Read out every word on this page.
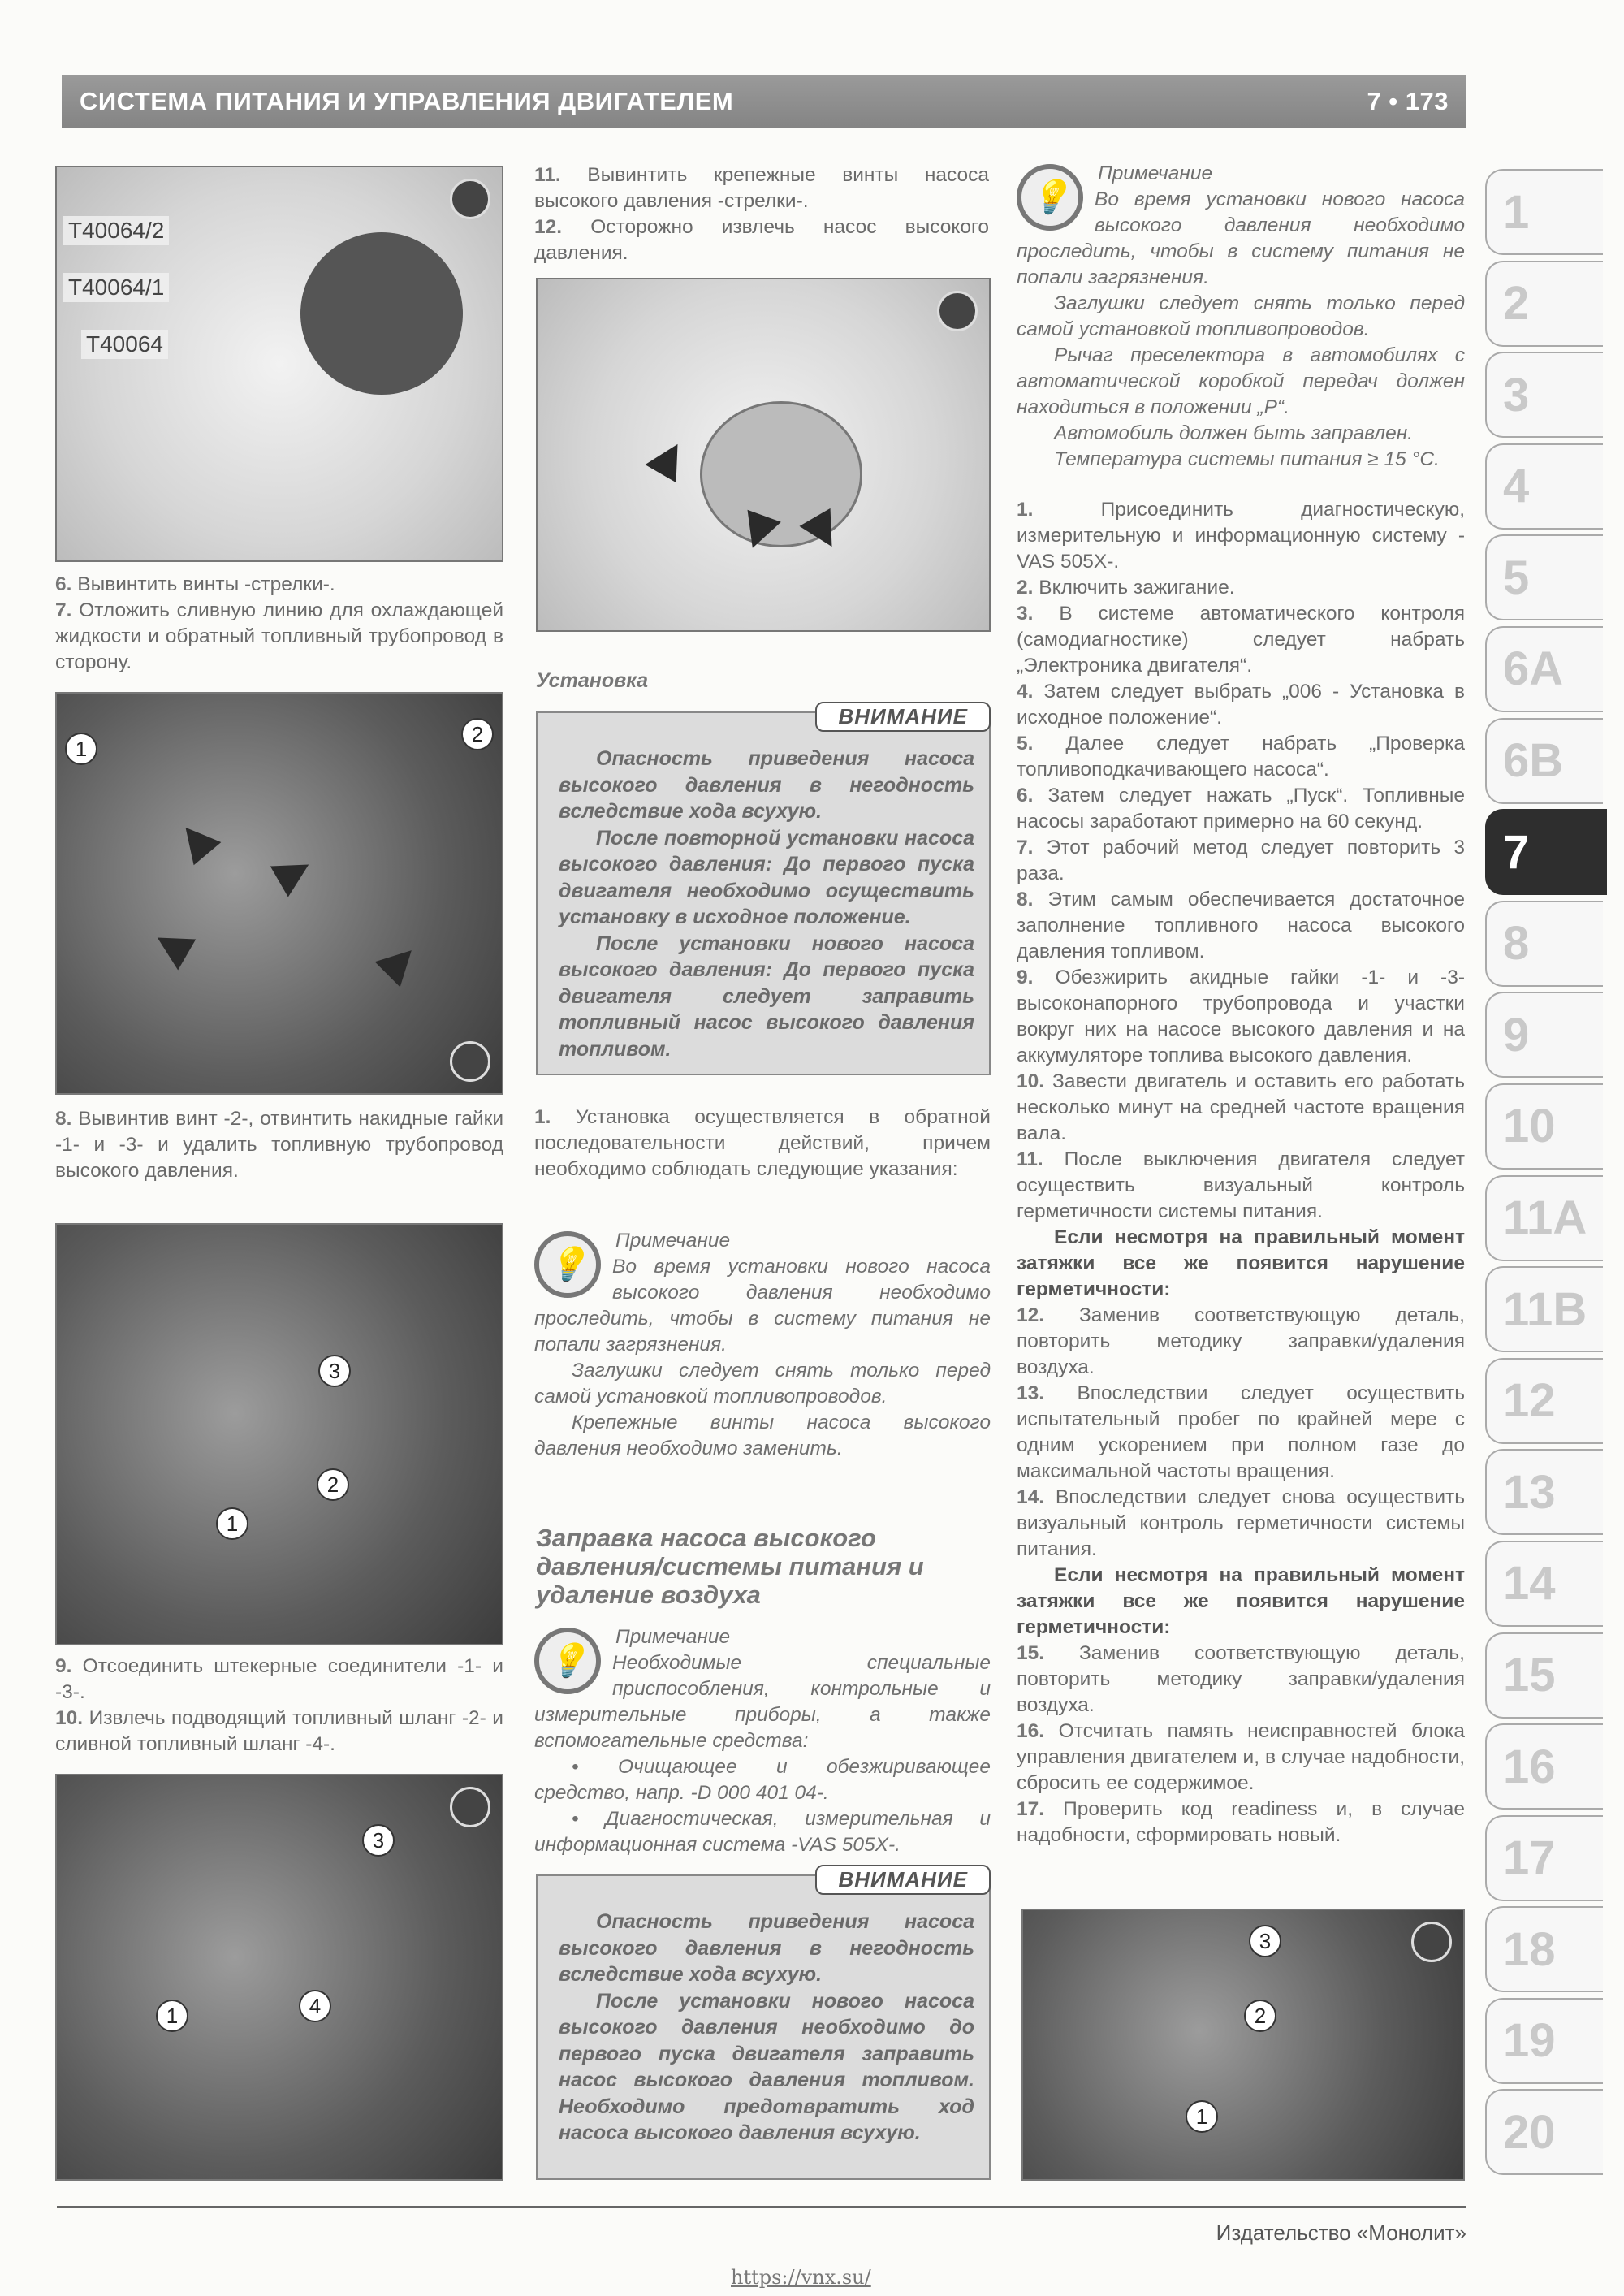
СИСТЕМА ПИТАНИЯ И УПРАВЛЕНИЯ ДВИГАТЕЛЕМ	7 • 173
T40064/2
T40064/1
T40064

6. Вывинтить винты -стрелки-.

7. Отложить сливную линию для охлаждающей жидкости и обратный топливный трубопровод в сторону.

1
2

8. Вывинтив винт -2-, отвинтить накидные гайки -1- и -3- и удалить топливную трубопровод высокого давления.

3
2
1

9. Отсоединить штекерные соединители -1- и -3-.

10. Извлечь подводящий топливный шланг -2- и сливной топливный шланг -4-.

3
1	4

11. Вывинтить крепежные винты насоса высокого давления -стрелки-.

12. Осторожно извлечь насос высокого давления.

Установка
ВНИМАНИЕ

Опасность приведения насоса высокого давления в негодность вследствие хода всухую.

После повторной установки насоса высокого давления: До первого пуска двигателя необходимо осуществить установку в исходное положение.

После установки нового насоса высокого давления: До первого пуска двигателя следует заправить топливный насос высокого давления топливом.

1. Установка осуществляется в обратной последовательности действий, причем необходимо соблюдать следующие указания:

💡
Примечание

Во время установки нового насоса высокого давления необходимо проследить, чтобы в систему питания не попали загрязнения.

Заглушки следует снять только перед самой установкой топливопроводов.

Крепежные винты насоса высокого давления необходимо заменить.

Заправка насоса высокого давления/системы питания и удаление воздуха
💡
Примечание

Необходимые специальные приспособления, контрольные и измерительные приборы, а также вспомогательные средства:

• Очищающее и обезжиривающее средство, напр. -D 000 401 04-.

• Диагностическая, измерительная и информационная система -VAS 505X-.

ВНИМАНИЕ

Опасность приведения насоса высокого давления в негодность вследствие хода всухую.

После установки нового насоса высокого давления необходимо до первого пуска двигателя заправить насос высокого давления топливом. Необходимо предотвратить ход насоса высокого давления всухую.

💡
Примечание

Во время установки нового насоса высокого давления необходимо проследить, чтобы в систему питания не попали загрязнения.

Заглушки следует снять только перед самой установкой топливопроводов.

Рычаг преселектора в автомобилях с автоматической коробкой передач должен находиться в положении „P“.

Автомобиль должен быть заправлен.

Температура системы питания ≥ 15 °C.

1.	Присоединить диагностическую, измерительную и информационную систему -VAS 505X-.

2. Включить зажигание.

3. В системе автоматического контроля (самодиагностике) следует набрать „Электроника двигателя“.

4. Затем следует выбрать „006 - Установка в исходное положение“.

5. Далее следует набрать „Проверка топливоподкачивающего насоса“.

6. Затем следует нажать „Пуск“. Топливные насосы заработают примерно на 60 секунд.

7. Этот рабочий метод следует повторить 3 раза.

8. Этим самым обеспечивается достаточное заполнение топливного насоса высокого давления топливом.

9. Обезжирить акидные гайки -1- и -3- высоконапорного трубопровода и участки вокруг них на насосе высокого давления и на аккумуляторе топлива высокого давления.

10. Завести двигатель и оставить его работать несколько минут на средней частоте вращения вала.

11. После выключения двигателя следует осуществить визуальный контроль герметичности системы питания.

Если несмотря на правильный момент затяжки все же появится нарушение герметичности:

12. Заменив соответствующую деталь, повторить методику заправки/удаления воздуха.

13. Впоследствии следует осуществить испытательный пробег по крайней мере с одним ускорением при полном газе до максимальной частоты вращения.

14. Впоследствии следует снова осуществить визуальный контроль герметичности системы питания.

Если несмотря на правильный момент затяжки все же появится нарушение герметичности:

15. Заменив соответствующую деталь, повторить методику заправки/удаления воздуха.

16. Отсчитать память неисправностей блока управления двигателем и, в случае надобности, сбросить ее содержимое.

17. Проверить код readiness и, в случае надобности, сформировать новый.

3
2
1
1
2
3
4
5
6A
6B
7
8
9
10
11A
11B
12
13
14
15
16
17
18
19
20
Издательство «Монолит»
https://vnx.su/
